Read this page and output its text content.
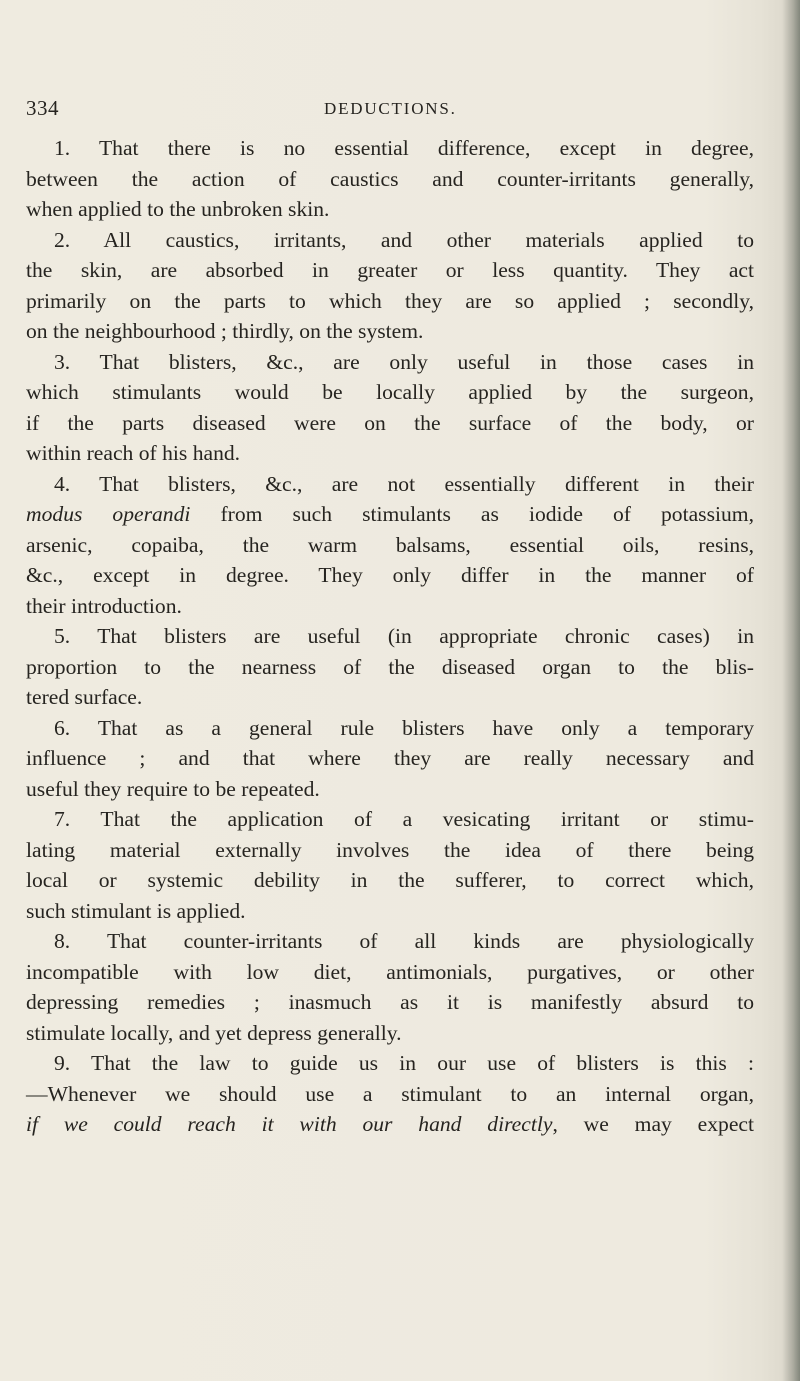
334	DEDUCTIONS.

1. That there is no essential difference, except in degree,
between the action of caustics and counter-irritants generally,
when applied to the unbroken skin.

2. All caustics, irritants, and other materials applied to
the skin, are absorbed in greater or less quantity. They act
primarily on the parts to which they are so applied ; secondly,
on the neighbourhood ; thirdly, on the system.

3. That blisters, &c., are only useful in those cases in
which stimulants would be locally applied by the surgeon,
if the parts diseased were on the surface of the body, or
within reach of his hand.

4. That blisters, &c., are not essentially different in their
modus operandi from such stimulants as iodide of potassium,
arsenic, copaiba, the warm balsams, essential oils, resins,
&c., except in degree. They only differ in the manner of
their introduction.

5. That blisters are useful (in appropriate chronic cases) in
proportion to the nearness of the diseased organ to the blis-
tered surface.

6. That as a general rule blisters have only a temporary
influence ; and that where they are really necessary and
useful they require to be repeated.

7. That the application of a vesicating irritant or stimu-
lating material externally involves the idea of there being
local or systemic debility in the sufferer, to correct which,
such stimulant is applied.

8. That counter-irritants of all kinds are physiologically
incompatible with low diet, antimonials, purgatives, or other
depressing remedies ; inasmuch as it is manifestly absurd to
stimulate locally, and yet depress generally.

9. That the law to guide us in our use of blisters is this :
—Whenever we should use a stimulant to an internal organ,
if we could reach it with our hand directly, we may expect
